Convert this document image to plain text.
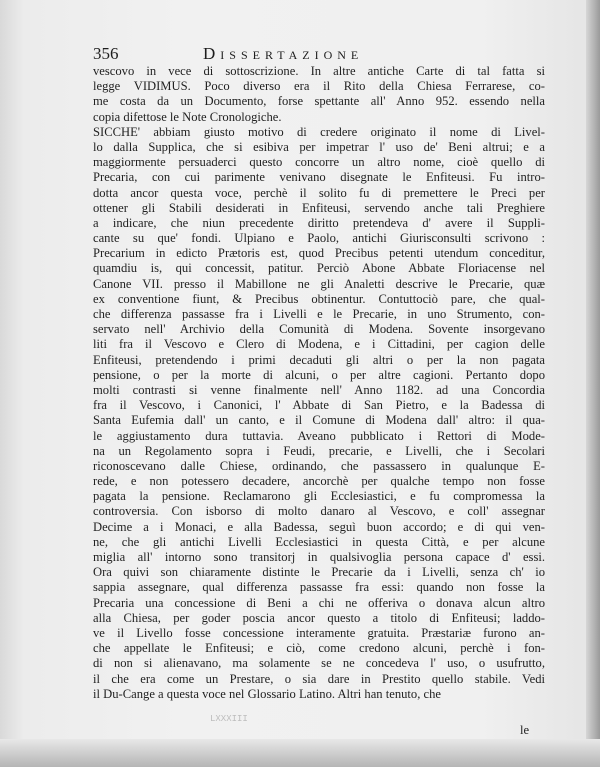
356	Dissertazione
vescovo in vece di sottoscrizione. In altre antiche Carte di tal fatta si
legge VIDIMUS. Poco diverso era il Rito della Chiesa Ferrarese, co-
me costa da un Documento, forse spettante all' Anno 952. essendo nella
copia difettose le Note Cronologiche.
SICCHE' abbiam giusto motivo di credere originato il nome di Livel-
lo dalla Supplica, che si esibiva per impetrar l' uso de' Beni altrui; e a
maggiormente persuaderci questo concorre un altro nome, cioè quello di
Precaria, con cui parimente venivano disegnate le Enfiteusi. Fu intro-
dotta ancor questa voce, perchè il solito fu di premettere le Preci per
ottener gli Stabili desiderati in Enfiteusi, servendo anche tali Preghiere
a indicare, che niun precedente diritto pretendeva d' avere il Suppli-
cante su que' fondi. Ulpiano e Paolo, antichi Giurisconsulti scrivono :
Precarium in edicto Prætoris est, quod Precibus petenti utendum conceditur,
quamdiu is, qui concessit, patitur. Perciò Abone Abbate Floriacense nel
Canone VII. presso il Mabillone ne gli Analetti descrive le Precarie, quæ
ex conventione fiunt, & Precibus obtinentur. Contuttociò pare, che qual-
che differenza passasse fra i Livelli e le Precarie, in uno Strumento, con-
servato nell' Archivio della Comunità di Modena. Sovente insorgevano
liti fra il Vescovo e Clero di Modena, e i Cittadini, per cagion delle
Enfiteusi, pretendendo i primi decaduti gli altri o per la non pagata
pensione, o per la morte di alcuni, o per altre cagioni. Pertanto dopo
molti contrasti si venne finalmente nell' Anno 1182. ad una Concordia
fra il Vescovo, i Canonici, l' Abbate di San Pietro, e la Badessa di
Santa Eufemia dall' un canto, e il Comune di Modena dall' altro: il qua-
le aggiustamento dura tuttavia. Aveano pubblicato i Rettori di Mode-
na un Regolamento sopra i Feudi, precarie, e Livelli, che i Secolari
riconoscevano dalle Chiese, ordinando, che passassero in qualunque E-
rede, e non potessero decadere, ancorchè per qualche tempo non fosse
pagata la pensione. Reclamarono gli Ecclesiastici, e fu compromessa la
controversia. Con isborso di molto danaro al Vescovo, e coll' assegnar
Decime a i Monaci, e alla Badessa, seguì buon accordo; e di qui ven-
ne, che gli antichi Livelli Ecclesiastici in questa Città, e per alcune
miglia all' intorno sono transitorj in qualsivoglia persona capace d' essi.
Ora quivi son chiaramente distinte le Precarie da i Livelli, senza ch' io
sappia assegnare, qual differenza passasse fra essi: quando non fosse la
Precaria una concessione di Beni a chi ne offeriva o donava alcun altro
alla Chiesa, per goder poscia ancor questo a titolo di Enfiteusi; laddo-
ve il Livello fosse concessione interamente gratuita. Præstariæ furono an-
che appellate le Enfiteusi; e ciò, come credono alcuni, perchè i fon-
di non si alienavano, ma solamente se ne concedeva l' uso, o usufrutto,
il che era come un Prestare, o sia dare in Prestito quello stabile. Vedi
il Du-Cange a questa voce nel Glossario Latino. Altri han tenuto, che
LXXXIII
le
